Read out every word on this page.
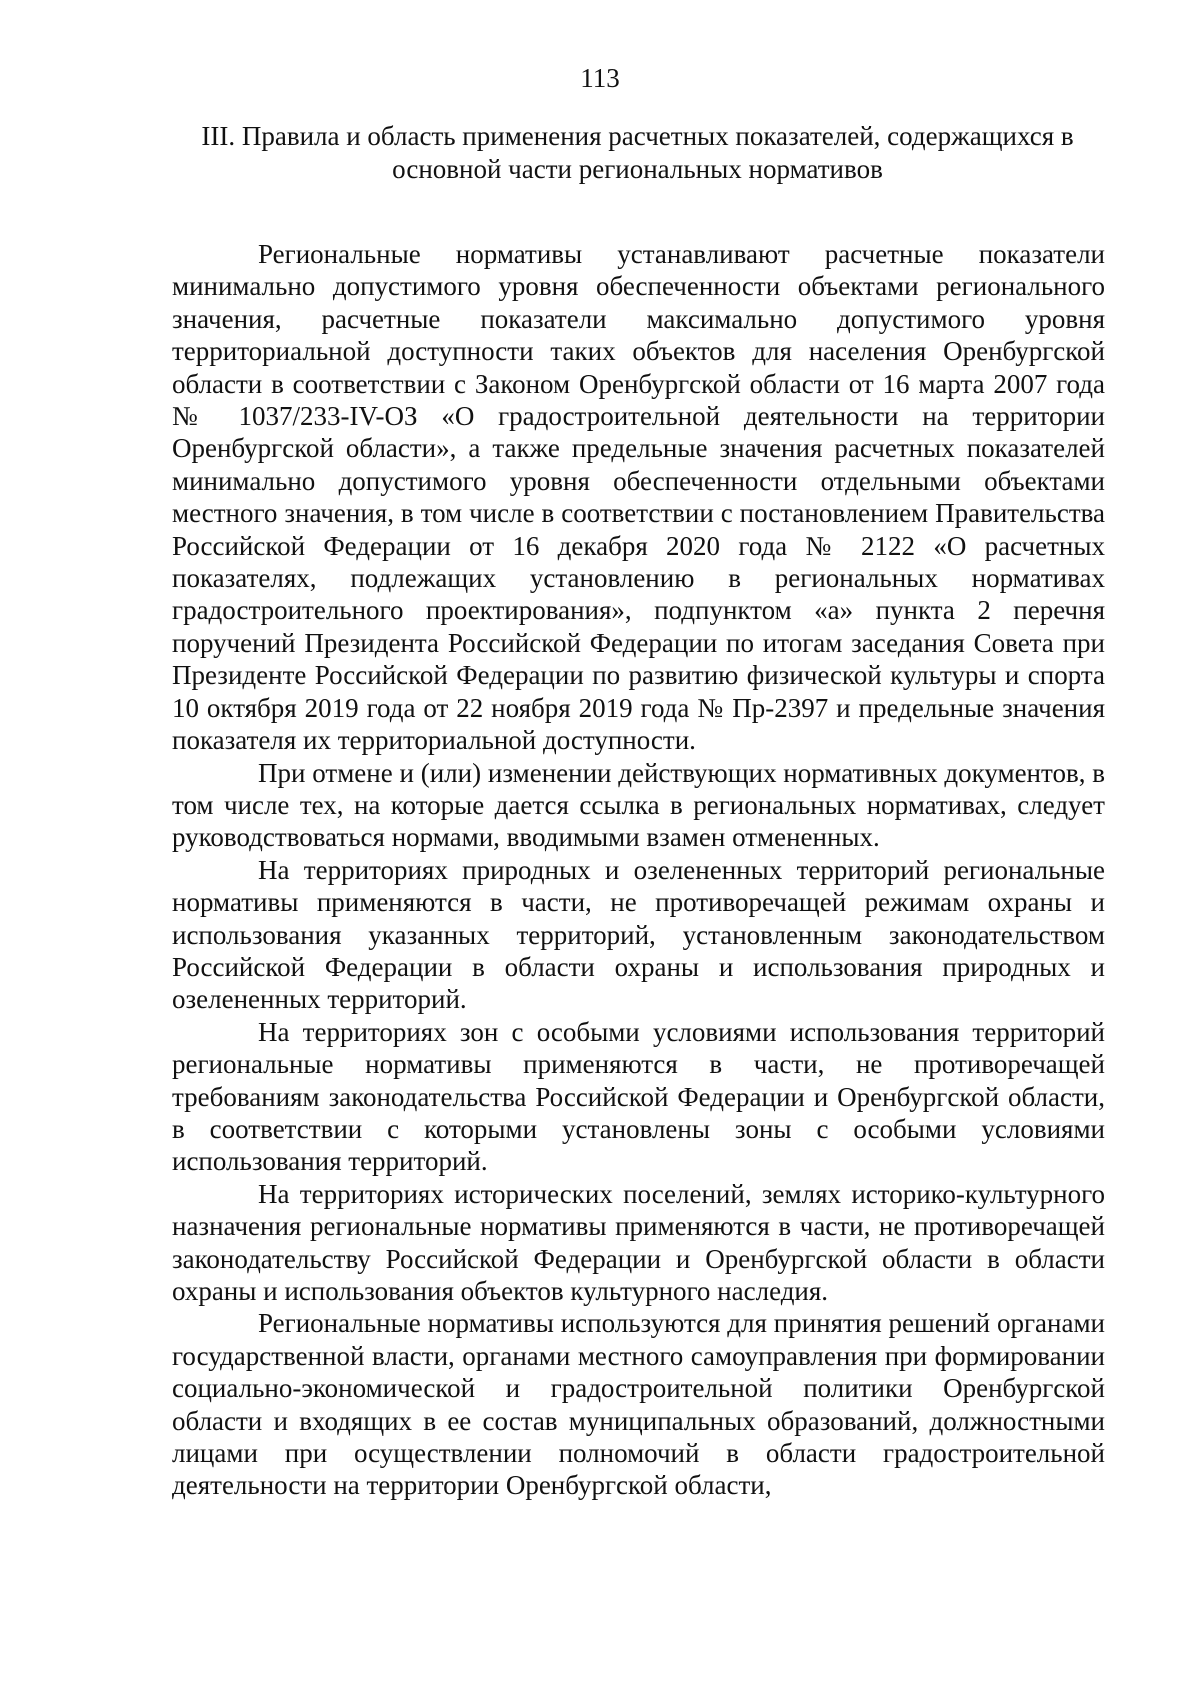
113
III. Правила и область применения расчетных показателей, содержащихся в основной части региональных нормативов

Региональные нормативы устанавливают расчетные показатели минимально допустимого уровня обеспеченности объектами регионального значения, расчетные показатели максимально допустимого уровня территориальной доступности таких объектов для населения Оренбургской области в соответствии с Законом Оренбургской области от 16 марта 2007 года № 1037/233-IV-ОЗ «О градостроительной деятельности на территории Оренбургской области», а также предельные значения расчетных показателей минимально допустимого уровня обеспеченности отдельными объектами местного значения, в том числе в соответствии с постановлением Правительства Российской Федерации от 16 декабря 2020 года № 2122 «О расчетных показателях, подлежащих установлению в региональных нормативах градостроительного проектирования», подпунктом «а» пункта 2 перечня поручений Президента Российской Федерации по итогам заседания Совета при Президенте Российской Федерации по развитию физической культуры и спорта 10 октября 2019 года от 22 ноября 2019 года № Пр-2397 и предельные значения показателя их территориальной доступности.

При отмене и (или) изменении действующих нормативных документов, в том числе тех, на которые дается ссылка в региональных нормативах, следует руководствоваться нормами, вводимыми взамен отмененных.

На территориях природных и озелененных территорий региональные нормативы применяются в части, не противоречащей режимам охраны и использования указанных территорий, установленным законодательством Российской Федерации в области охраны и использования природных и озелененных территорий.

На территориях зон с особыми условиями использования территорий региональные нормативы применяются в части, не противоречащей требованиям законодательства Российской Федерации и Оренбургской области, в соответствии с которыми установлены зоны с особыми условиями использования территорий.

На территориях исторических поселений, землях историко-культурного назначения региональные нормативы применяются в части, не противоречащей законодательству Российской Федерации и Оренбургской области в области охраны и использования объектов культурного наследия.

Региональные нормативы используются для принятия решений органами государственной власти, органами местного самоуправления при формировании социально-экономической и градостроительной политики Оренбургской области и входящих в ее состав муниципальных образований, должностными лицами при осуществлении полномочий в области градостроительной деятельности на территории Оренбургской области,
